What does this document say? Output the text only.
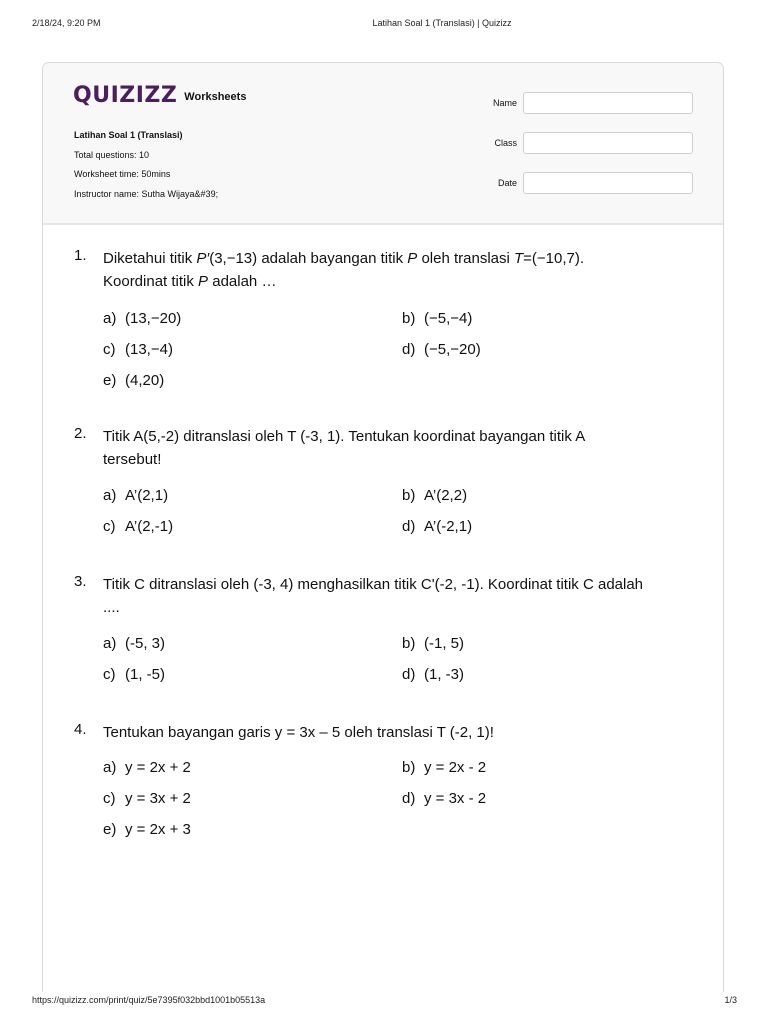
2/18/24, 9:20 PM	Latihan Soal 1 (Translasi) | Quizizz
QUIZIZZ Worksheets
Latihan Soal 1 (Translasi)
Total questions: 10
Worksheet time: 50mins
Instructor name: Sutha Wijaya&#39;
Name
Class
Date
1. Diketahui titik P′(3,−13) adalah bayangan titik P oleh translasi T=(−10,7).
Koordinat titik P adalah …
a) (13,−20)	b) (−5,−4)
c) (13,−4)	d) (−5,−20)
e) (4,20)
2. Titik A(5,-2) ditranslasi oleh T (-3, 1). Tentukan koordinat bayangan titik A
tersebut!
a) A’(2,1)	b) A’(2,2)
c) A’(2,-1)	d) A’(-2,1)
3. Titik C ditranslasi oleh (-3, 4) menghasilkan titik C'(-2, -1). Koordinat titik C adalah
....
a) (-5, 3)	b) (-1, 5)
c) (1, -5)	d) (1, -3)
4. Tentukan bayangan garis y = 3x – 5 oleh translasi T (-2, 1)!
a) y = 2x + 2	b) y = 2x - 2
c) y = 3x + 2	d) y = 3x - 2
e) y = 2x + 3
https://quizizz.com/print/quiz/5e7395f032bbd1001b05513a	1/3
